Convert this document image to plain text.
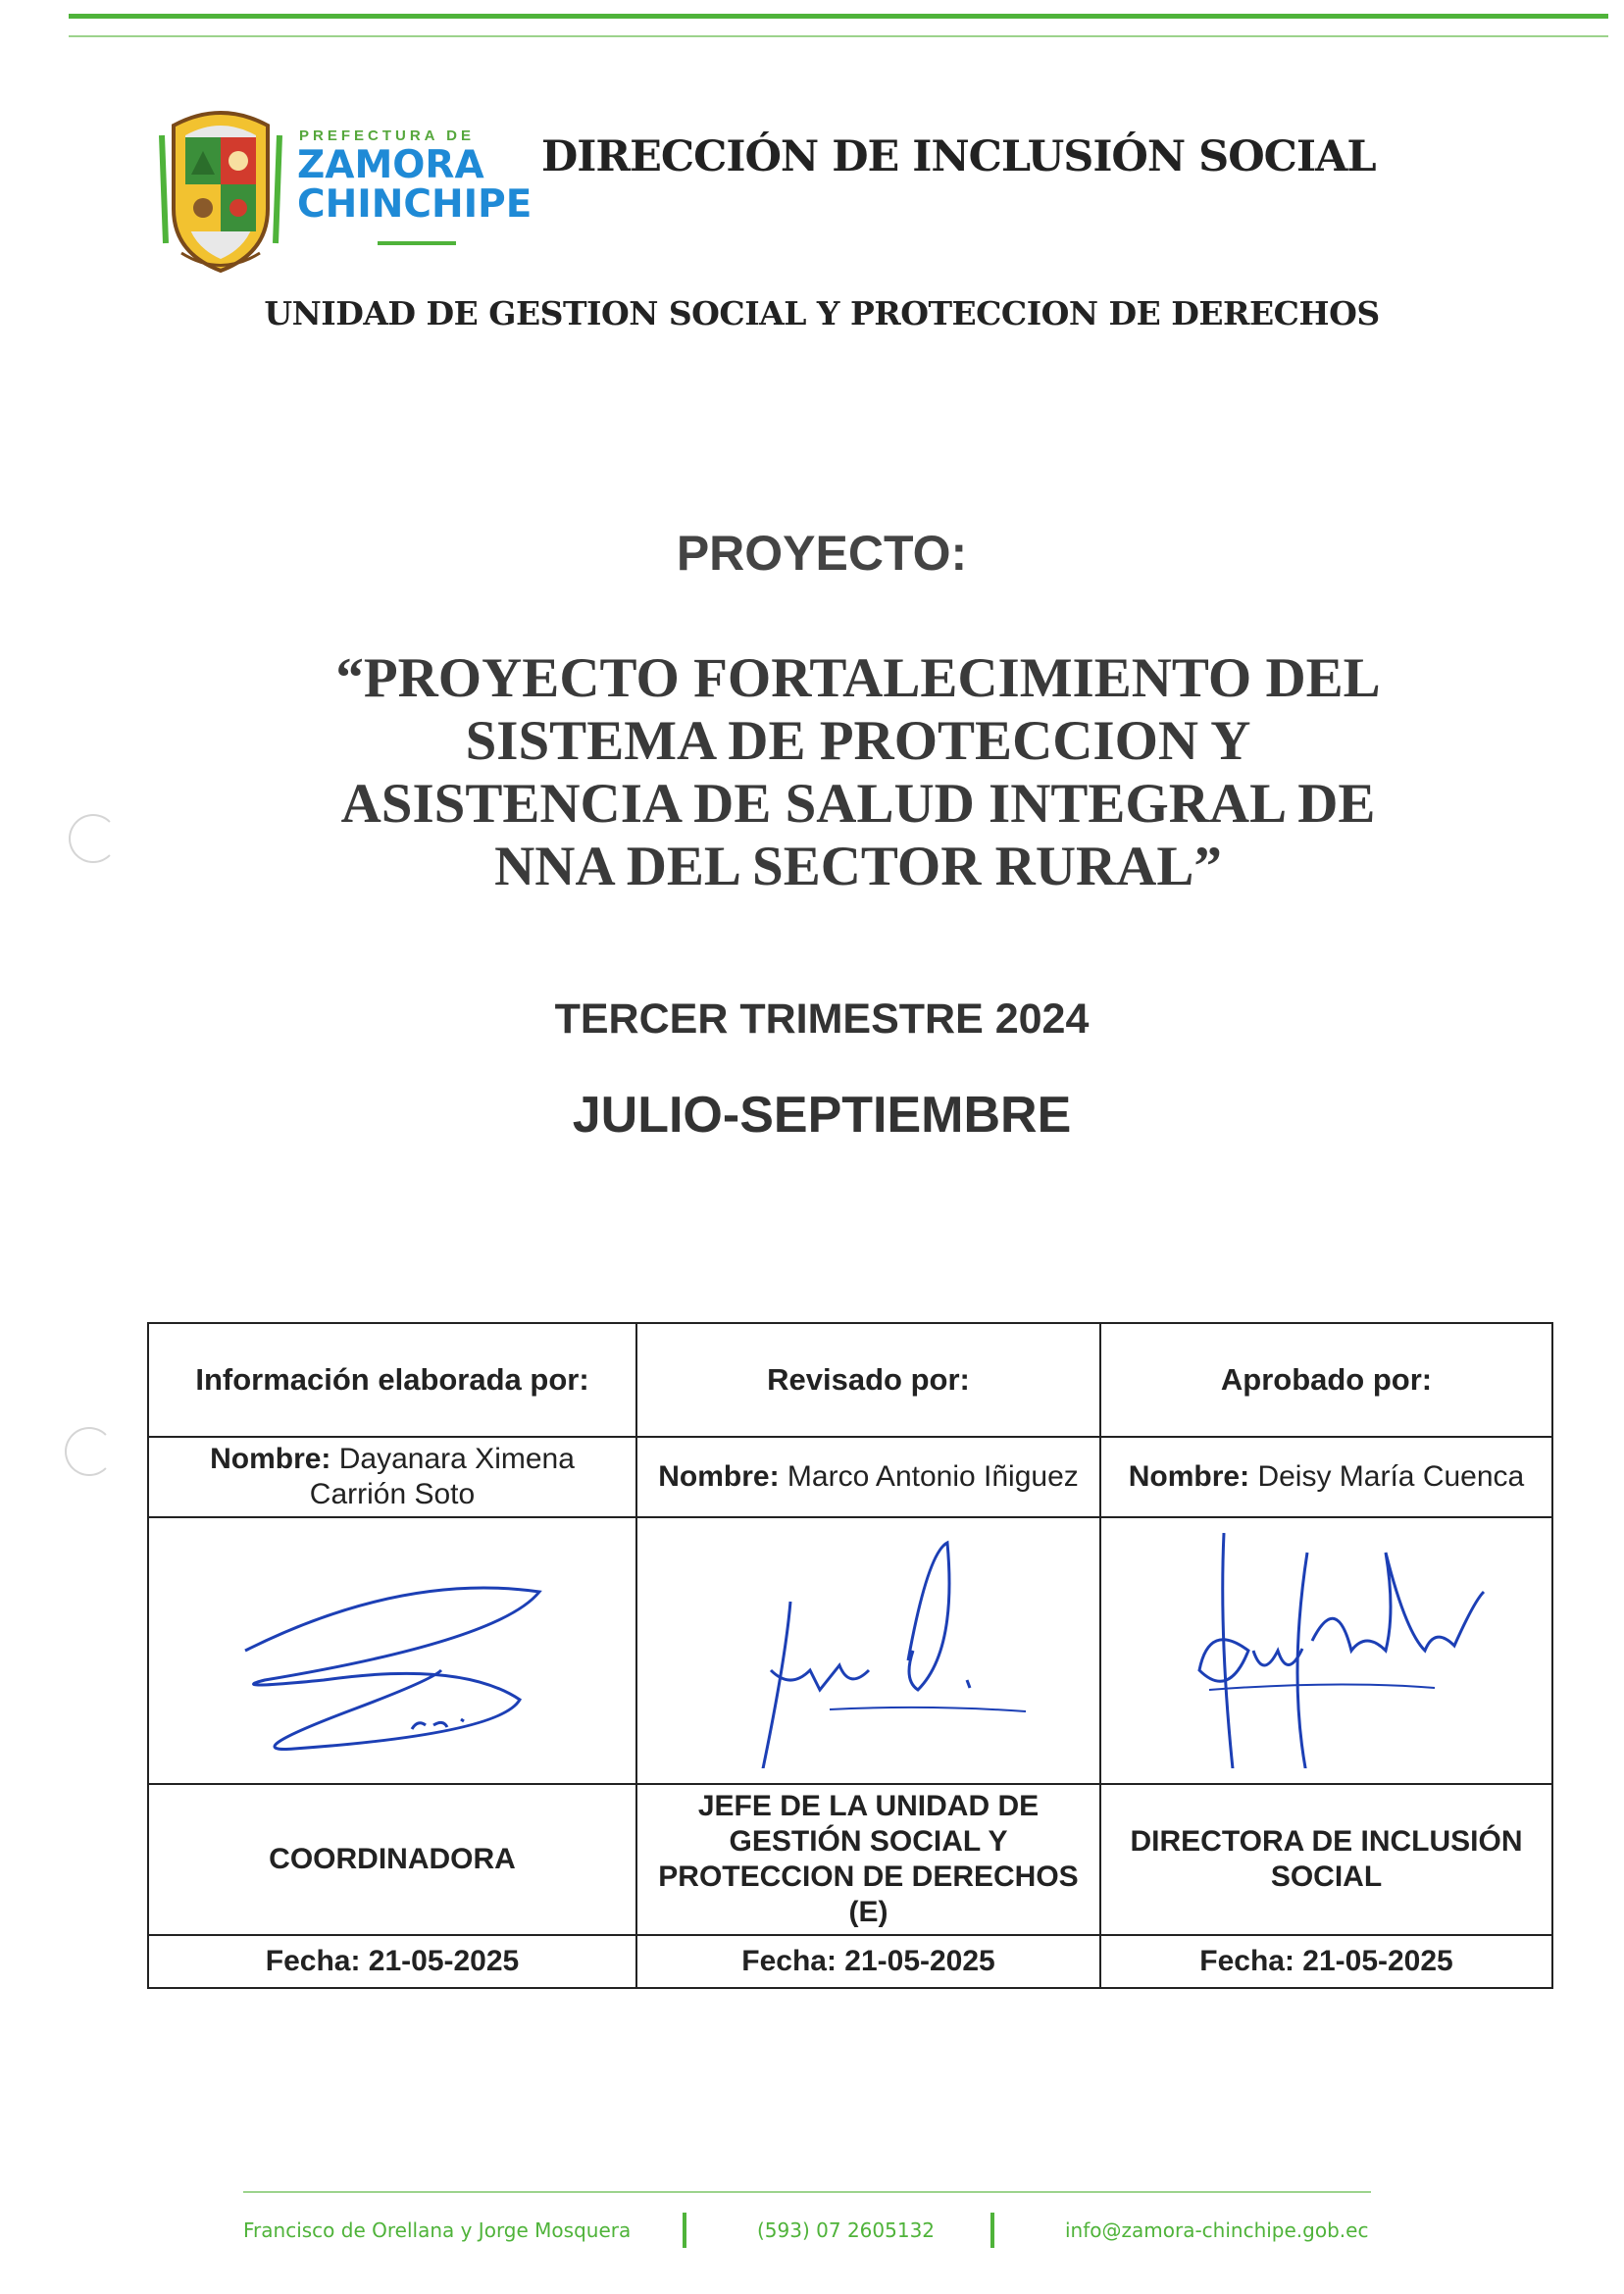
PREFECTURA DE
ZAMORA
CHINCHIPE
DIRECCIÓN DE INCLUSIÓN SOCIAL
UNIDAD DE GESTION SOCIAL Y PROTECCION DE DERECHOS
PROYECTO:
“PROYECTO FORTALECIMIENTO DEL SISTEMA DE PROTECCION Y ASISTENCIA DE SALUD INTEGRAL DE NNA DEL SECTOR RURAL”
TERCER TRIMESTRE 2024
JULIO-SEPTIEMBRE
Información elaborada por:	Revisado por:	Aprobado por:
Nombre: Dayanara Ximena Carrión Soto	Nombre: Marco Antonio Iñiguez	Nombre: Deisy María Cuenca

COORDINADORA	JEFE DE LA UNIDAD DE GESTIÓN SOCIAL Y PROTECCION DE DERECHOS (E)	DIRECTORA DE INCLUSIÓN SOCIAL
Fecha: 21-05-2025	Fecha: 21-05-2025	Fecha: 21-05-2025
Francisco de Orellana y Jorge Mosquera	(593) 07 2605132	info@zamora-chinchipe.gob.ec
